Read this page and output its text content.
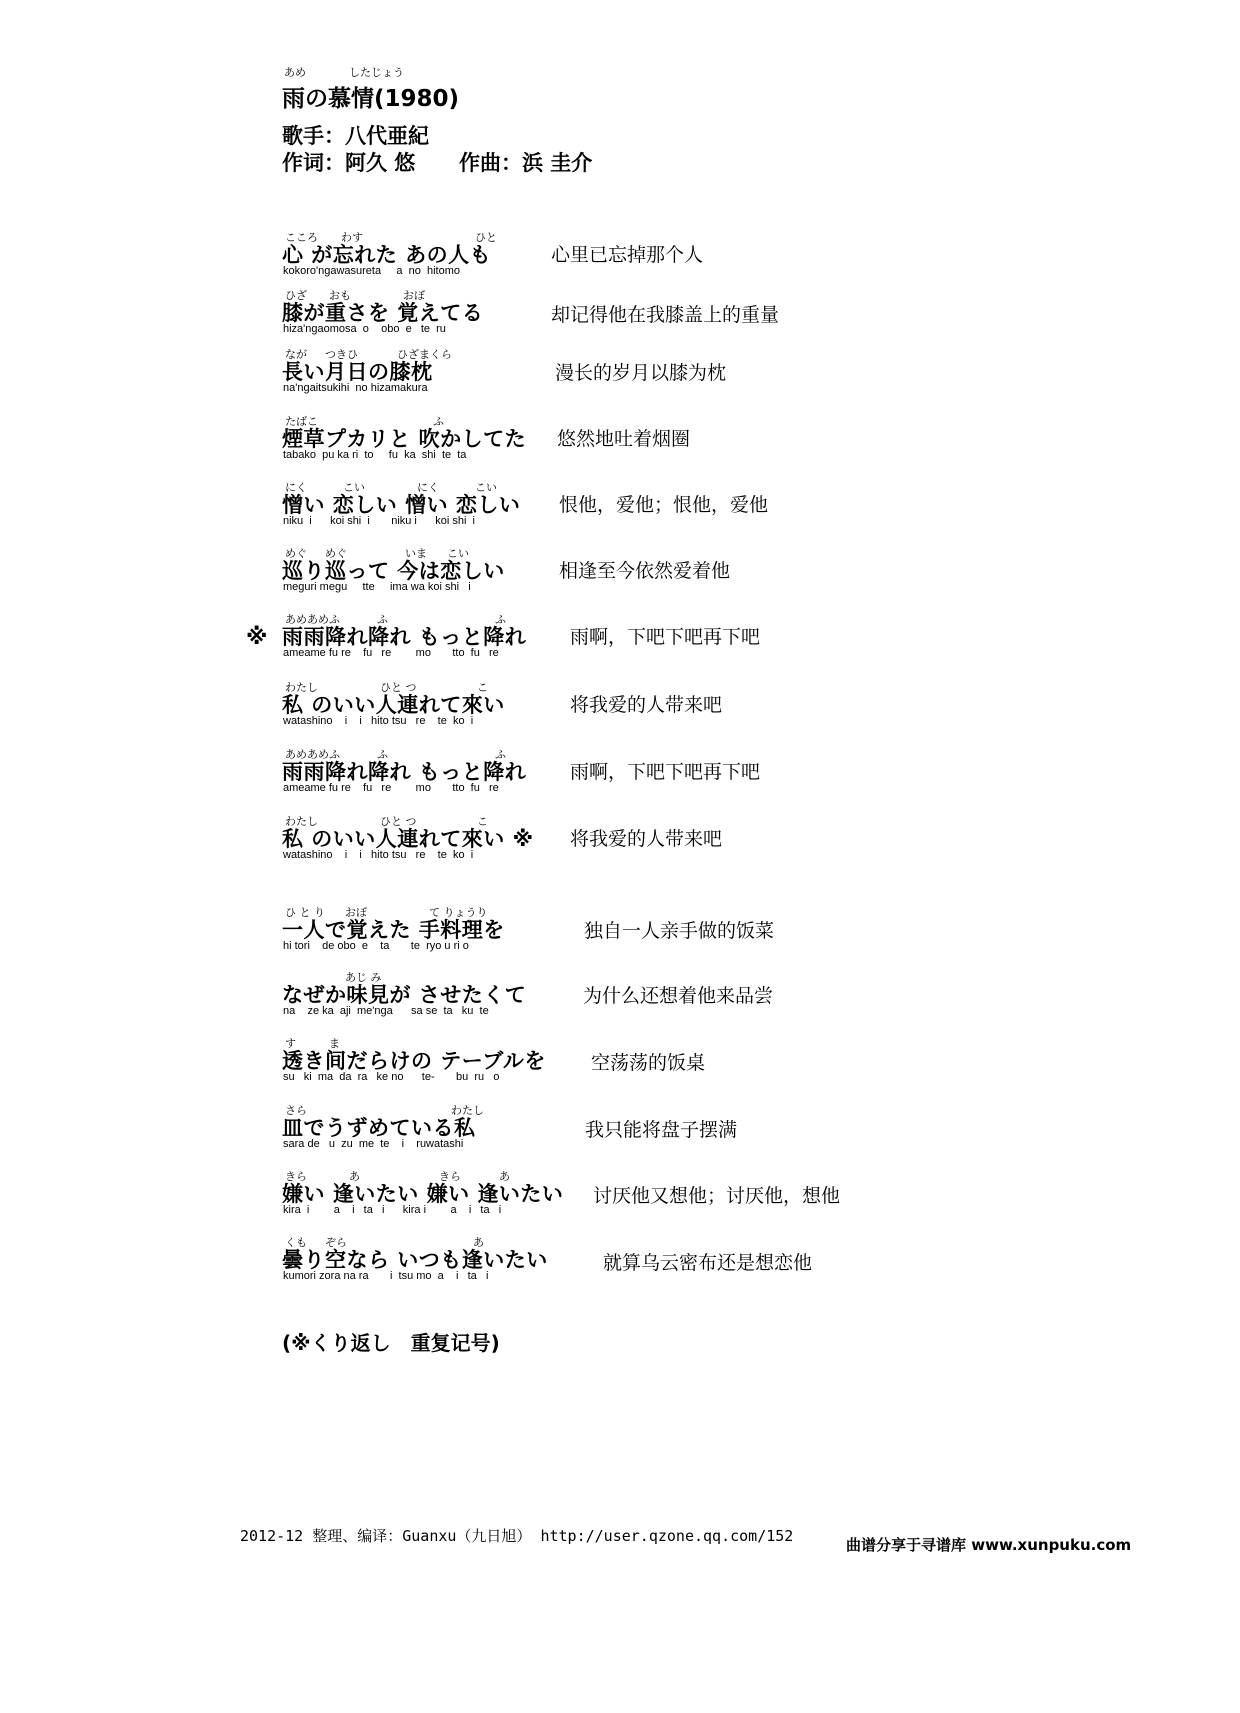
あめ	したじょう
雨の慕情(1980)
歌手：八代亜紀
作词：阿久 悠 作曲：浜 圭介
こころ わす	ひと
心 が忘れた あの人も
kokoro'ngawasureta     a  no  hitomo
心里已忘掉那个人
ひざ おも	おぼ
膝が重さを 覚えてる
hiza'ngaomosa  o    obo  e   te  ru
却记得他在我膝盖上的重量
なが つきひ	ひざまくら
長い月日の膝枕
na'ngaitsukihi  no hizamakura
漫长的岁月以膝为枕
たばこ	ふ
煙草プカリと 吹かしてた
tabako  pu ka ri  to     fu  ka  shi  te  ta
悠然地吐着烟圈
にく	こい	にく	こい
憎い 恋しい 憎い 恋しい
niku  i      koi shi  i       niku i      koi shi  i
恨他，爱他；恨他，爱他
めぐ めぐ	いま こい
巡り巡って 今は恋しい
meguri megu     tte     ima wa koi shi   i
相逢至今依然爱着他
※
あめあめふ	ふ	ふ
雨雨降れ降れ もっと降れ
ameame fu re    fu   re        mo       tto  fu   re
雨啊，下吧下吧再下吧
わたし	ひと つ	こ
私 のいい人連れて來い
watashino    i    i   hito tsu   re    te  ko  i
将我爱的人带来吧
あめあめふ	ふ	ふ
雨雨降れ降れ もっと降れ
ameame fu re    fu   re        mo       tto  fu   re
雨啊，下吧下吧再下吧
わたし	ひと つ	こ
私 のいい人連れて來い ※
watashino    i    i   hito tsu   re    te  ko  i
将我爱的人带来吧
ひ と り おぼ	て りょうり
一人で覚えた 手料理を
hi tori    de obo  e    ta       te  ryo u ri o
独自一人亲手做的饭菜
あじ み
なぜか味見が させたくて
na    ze ka  aji  me'nga      sa se  ta   ku  te
为什么还想着他来品尝
す	ま
透き间だらけの テーブルを
su   ki  ma  da  ra   ke no      te-       bu  ru   o
空荡荡的饭桌
さら	わたし
皿でうずめている私
sara de   u  zu  me  te    i    ruwatashi
我只能将盘子摆满
きら	あ	きら	あ
嫌い 逢いたい 嫌い 逢いたい
kira  i        a    i   ta   i      kira i        a    i   ta   i
讨厌他又想他；讨厌他，想他
くも ぞら	あ
曇り空なら いつも逢いたい
kumori zora na ra       i  tsu mo  a    i   ta   i
就算乌云密布还是想恋他
(※くり返し　重复记号)
2012-12 整理、编译：Guanxu（九日旭） http://user.qzone.qq.com/152	曲谱分享于寻谱库 www.xunpuku.com
